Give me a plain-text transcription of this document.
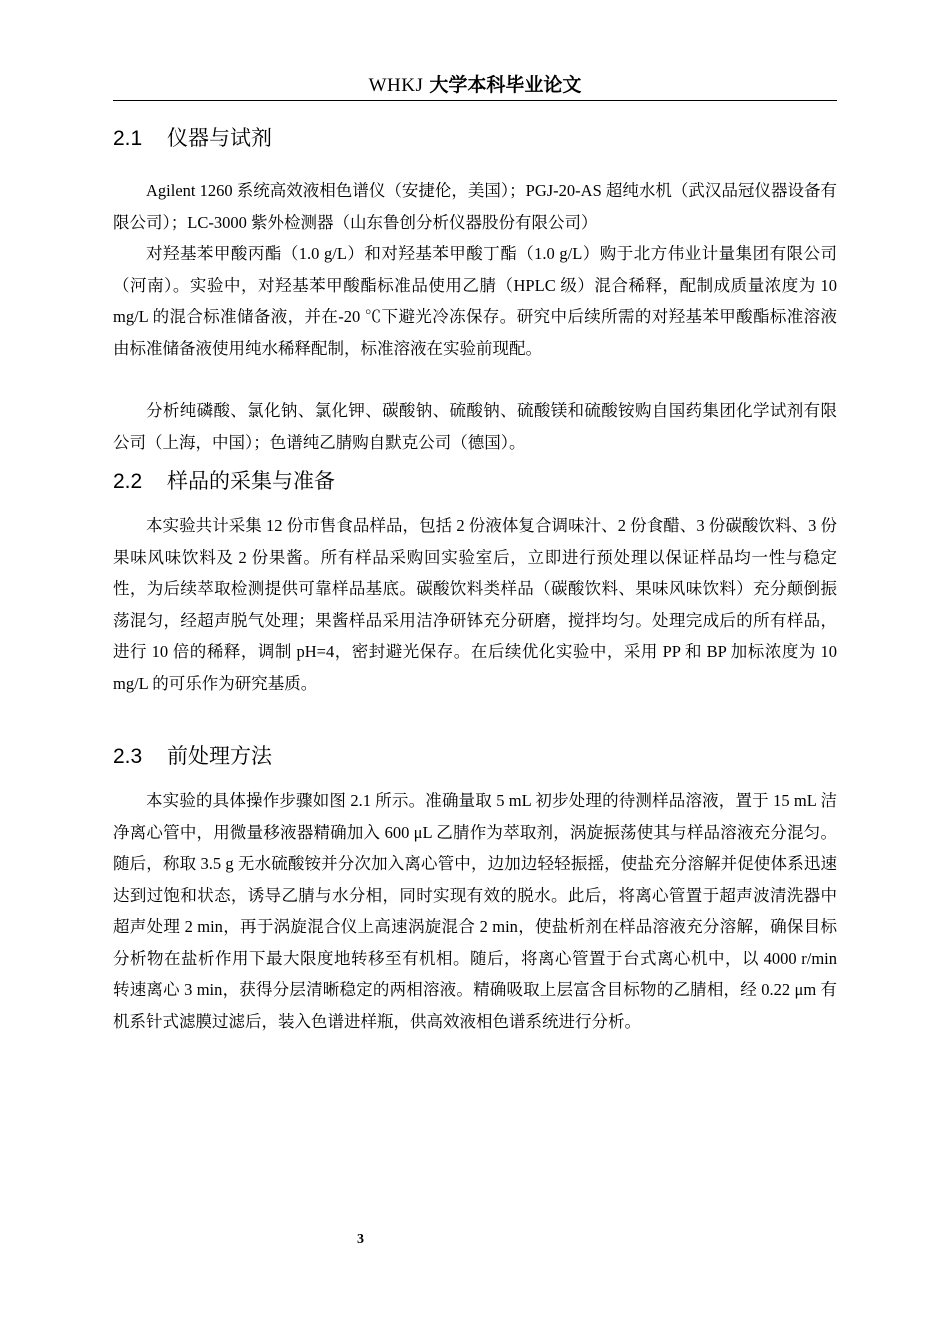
WHKJ 大学本科毕业论文
2.1 仪器与试剂
Agilent 1260 系统高效液相色谱仪（安捷伦，美国）；PGJ-20-AS 超纯水机（武汉品冠仪器设备有限公司）；LC-3000 紫外检测器（山东鲁创分析仪器股份有限公司）
对羟基苯甲酸丙酯（1.0 g/L）和对羟基苯甲酸丁酯（1.0 g/L）购于北方伟业计量集团有限公司（河南）。实验中，对羟基苯甲酸酯标准品使用乙腈（HPLC 级）混合稀释，配制成质量浓度为 10 mg/L 的混合标准储备液，并在-20 ℃下避光冷冻保存。研究中后续所需的对羟基苯甲酸酯标准溶液由标准储备液使用纯水稀释配制，标准溶液在实验前现配。
分析纯磷酸、氯化钠、氯化钾、碳酸钠、硫酸钠、硫酸镁和硫酸铵购自国药集团化学试剂有限公司（上海，中国）；色谱纯乙腈购自默克公司（德国）。
2.2 样品的采集与准备
本实验共计采集 12 份市售食品样品，包括 2 份液体复合调味汁、2 份食醋、3 份碳酸饮料、3 份果味风味饮料及 2 份果酱。所有样品采购回实验室后，立即进行预处理以保证样品均一性与稳定性，为后续萃取检测提供可靠样品基底。碳酸饮料类样品（碳酸饮料、果味风味饮料）充分颠倒振荡混匀，经超声脱气处理；果酱样品采用洁净研钵充分研磨，搅拌均匀。处理完成后的所有样品，进行 10 倍的稀释，调制 pH=4，密封避光保存。在后续优化实验中，采用 PP 和 BP 加标浓度为 10 mg/L 的可乐作为研究基质。
2.3 前处理方法
本实验的具体操作步骤如图 2.1 所示。准确量取 5 mL 初步处理的待测样品溶液，置于 15 mL 洁净离心管中，用微量移液器精确加入 600 μL 乙腈作为萃取剂，涡旋振荡使其与样品溶液充分混匀。随后，称取 3.5 g 无水硫酸铵并分次加入离心管中，边加边轻轻振摇，使盐充分溶解并促使体系迅速达到过饱和状态，诱导乙腈与水分相，同时实现有效的脱水。此后，将离心管置于超声波清洗器中超声处理 2 min，再于涡旋混合仪上高速涡旋混合 2 min，使盐析剂在样品溶液充分溶解，确保目标分析物在盐析作用下最大限度地转移至有机相。随后，将离心管置于台式离心机中，以 4000 r/min 转速离心 3 min，获得分层清晰稳定的两相溶液。精确吸取上层富含目标物的乙腈相，经 0.22 μm 有机系针式滤膜过滤后，装入色谱进样瓶，供高效液相色谱系统进行分析。
3
